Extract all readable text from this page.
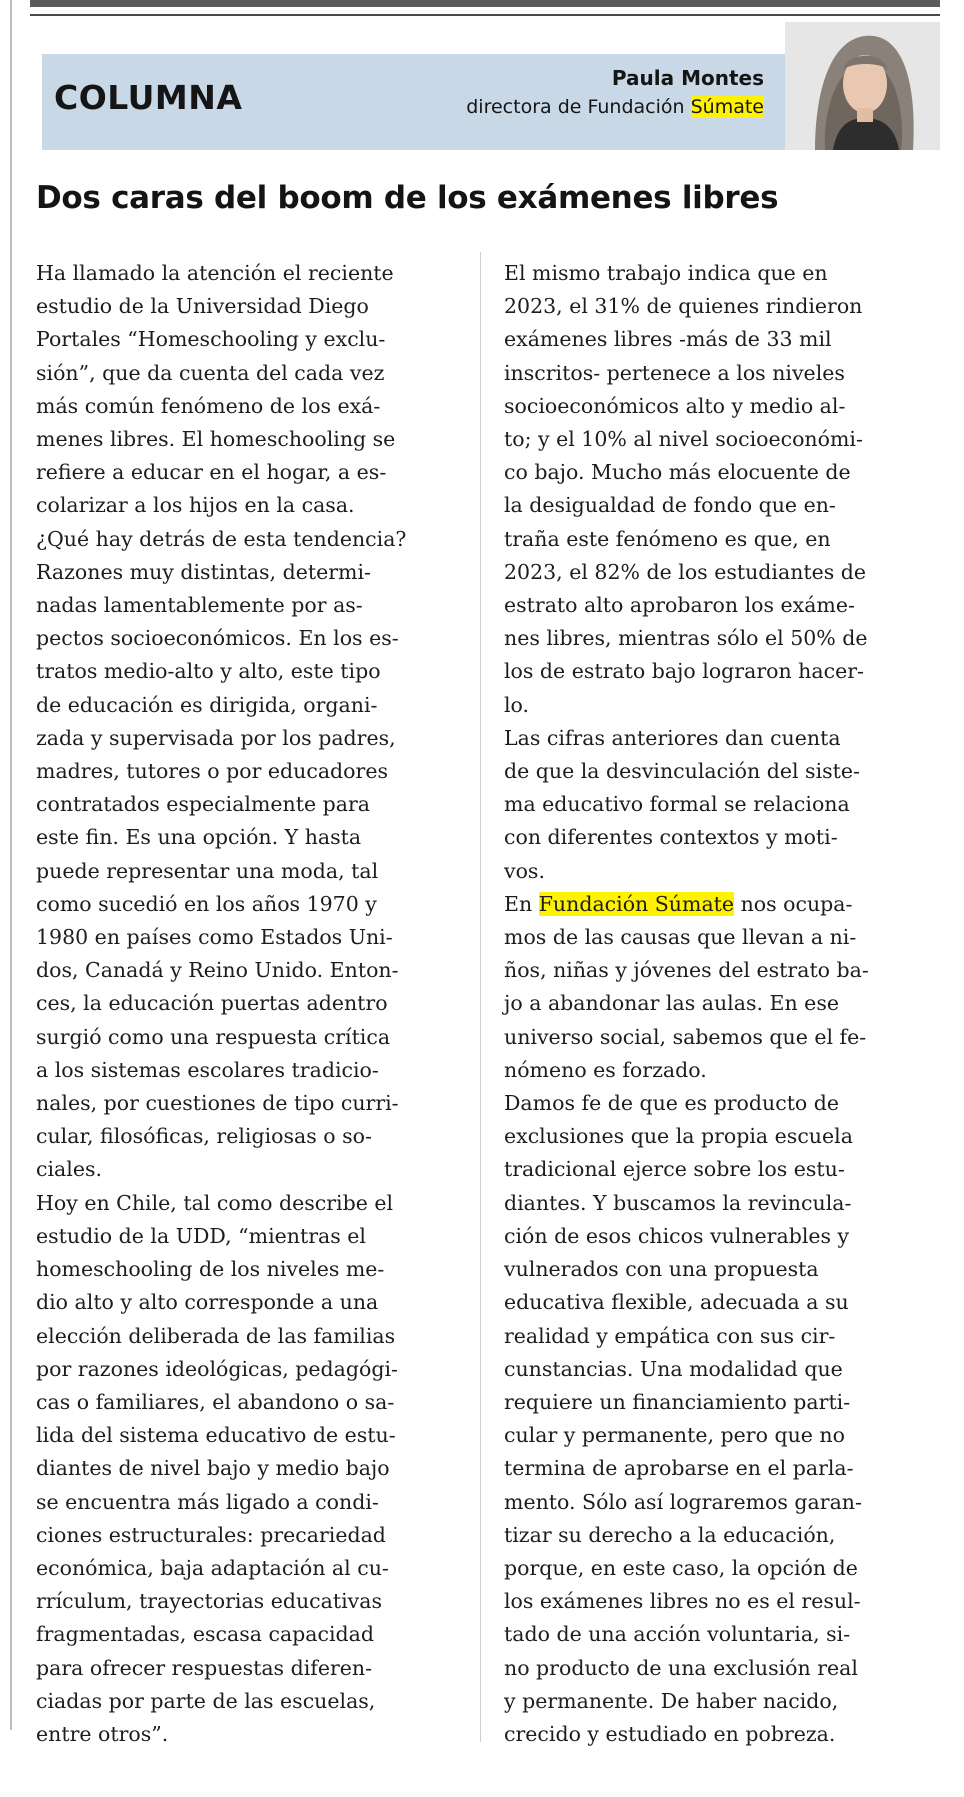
COLUMNA	Paula Montes
directora de Fundación Súmate
Dos caras del boom de los exámenes libres
Ha llamado la atención el reciente
estudio de la Universidad Diego
Portales “Homeschooling y exclu-
sión”, que da cuenta del cada vez
más común fenómeno de los exá-
menes libres. El homeschooling se
refiere a educar en el hogar, a es-
colarizar a los hijos en la casa.
¿Qué hay detrás de esta tendencia?
Razones muy distintas, determi-
nadas lamentablemente por as-
pectos socioeconómicos. En los es-
tratos medio-alto y alto, este tipo
de educación es dirigida, organi-
zada y supervisada por los padres,
madres, tutores o por educadores
contratados especialmente para
este fin. Es una opción. Y hasta
puede representar una moda, tal
como sucedió en los años 1970 y
1980 en países como Estados Uni-
dos, Canadá y Reino Unido. Enton-
ces, la educación puertas adentro
surgió como una respuesta crítica
a los sistemas escolares tradicio-
nales, por cuestiones de tipo curri-
cular, filosóficas, religiosas o so-
ciales.
Hoy en Chile, tal como describe el
estudio de la UDD, “mientras el
homeschooling de los niveles me-
dio alto y alto corresponde a una
elección deliberada de las familias
por razones ideológicas, pedagógi-
cas o familiares, el abandono o sa-
lida del sistema educativo de estu-
diantes de nivel bajo y medio bajo
se encuentra más ligado a condi-
ciones estructurales: precariedad
económica, baja adaptación al cu-
rrículum, trayectorias educativas
fragmentadas, escasa capacidad
para ofrecer respuestas diferen-
ciadas por parte de las escuelas,
entre otros”.
El mismo trabajo indica que en
2023, el 31% de quienes rindieron
exámenes libres -más de 33 mil
inscritos- pertenece a los niveles
socioeconómicos alto y medio al-
to; y el 10% al nivel socioeconómi-
co bajo. Mucho más elocuente de
la desigualdad de fondo que en-
traña este fenómeno es que, en
2023, el 82% de los estudiantes de
estrato alto aprobaron los exáme-
nes libres, mientras sólo el 50% de
los de estrato bajo lograron hacer-
lo.
Las cifras anteriores dan cuenta
de que la desvinculación del siste-
ma educativo formal se relaciona
con diferentes contextos y moti-
vos.
En Fundación Súmate nos ocupa-
mos de las causas que llevan a ni-
ños, niñas y jóvenes del estrato ba-
jo a abandonar las aulas. En ese
universo social, sabemos que el fe-
nómeno es forzado.
Damos fe de que es producto de
exclusiones que la propia escuela
tradicional ejerce sobre los estu-
diantes. Y buscamos la revincula-
ción de esos chicos vulnerables y
vulnerados con una propuesta
educativa flexible, adecuada a su
realidad y empática con sus cir-
cunstancias. Una modalidad que
requiere un financiamiento parti-
cular y permanente, pero que no
termina de aprobarse en el parla-
mento. Sólo así lograremos garan-
tizar su derecho a la educación,
porque, en este caso, la opción de
los exámenes libres no es el resul-
tado de una acción voluntaria, si-
no producto de una exclusión real
y permanente. De haber nacido,
crecido y estudiado en pobreza.
